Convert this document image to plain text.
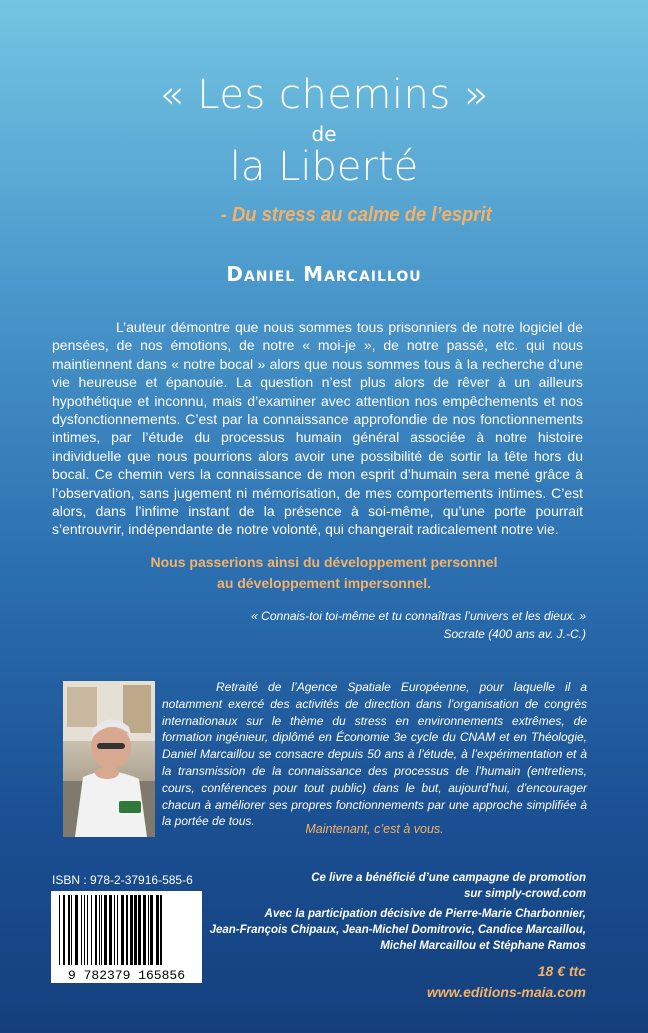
« Les chemins »
de
la Liberté
- Du stress au calme de l’esprit
Daniel Marcaillou

L’auteur démontre que nous sommes tous prisonniers de notre logiciel de pensées, de nos émotions, de notre « moi-je », de notre passé, etc. qui nous maintiennent dans « notre bocal » alors que nous sommes tous à la recherche d’une vie heureuse et épanouie. La question n’est plus alors de rêver à un ailleurs hypothétique et inconnu, mais d’examiner avec attention nos empêchements et nos dysfonctionnements. C’est par la connaissance approfondie de nos fonctionnements intimes, par l’étude du processus humain général associée à notre histoire individuelle que nous pourrions alors avoir une possibilité de sortir la tête hors du bocal. Ce chemin vers la connaissance de mon esprit d’humain sera mené grâce à l’observation, sans jugement ni mémorisation, de mes comportements intimes. C’est alors, dans l’infime instant de la présence à soi-même, qu’une porte pourrait s’entrouvrir, indépendante de notre volonté, qui changerait radicalement notre vie.

Nous passerions ainsi du développement personnel
au développement impersonnel.
« Connais-toi toi-même et tu connaîtras l’univers et les dieux. »
Socrate (400 ans av. J.-C.)

Retraité de l’Agence Spatiale Européenne, pour laquelle il a notamment exercé des activités de direction dans l’organisation de congrès internationaux sur le thème du stress en environnements extrêmes, de formation ingénieur, diplômé en Économie 3e cycle du CNAM et en Théologie, Daniel Marcaillou se consacre depuis 50 ans à l’étude, à l’expérimentation et à la transmission de la connaissance des processus de l’humain (entretiens, cours, conférences pour tout public) dans le but, aujourd’hui, d’encourager chacun à améliorer ses propres fonctionnements par une approche simplifiée à la portée de tous.

Maintenant, c’est à vous.
ISBN : 978-2-37916-585-6
9 782379 165856
Ce livre a bénéficié d’une campagne de promotion
sur simply-crowd.com
Avec la participation décisive de Pierre-Marie Charbonnier,
Jean-François Chipaux, Jean-Michel Domitrovic, Candice Marcaillou,
Michel Marcaillou et Stéphane Ramos
18 € ttc
www.editions-maia.com
